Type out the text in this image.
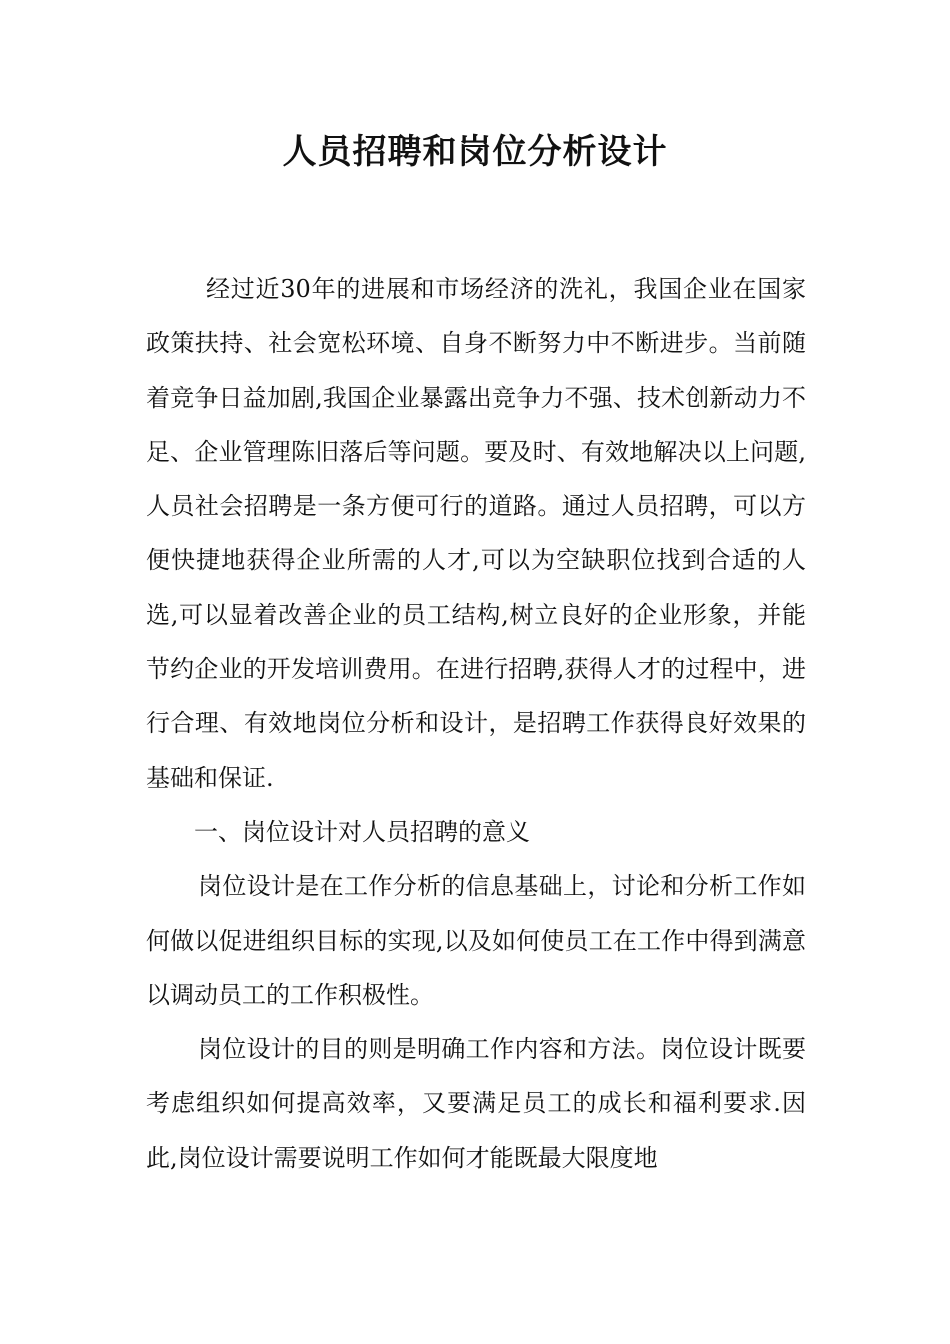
人员招聘和岗位分析设计

经过近30年的进展和市场经济的洗礼，我国企业在国家政策扶持、社会宽松环境、自身不断努力中不断进步。当前随着竞争日益加剧,我国企业暴露出竞争力不强、技术创新动力不足、企业管理陈旧落后等问题。要及时、有效地解决以上问题,人员社会招聘是一条方便可行的道路。通过人员招聘，可以方便快捷地获得企业所需的人才,可以为空缺职位找到合适的人选,可以显着改善企业的员工结构,树立良好的企业形象，并能节约企业的开发培训费用。在进行招聘,获得人才的过程中，进行合理、有效地岗位分析和设计，是招聘工作获得良好效果的基础和保证.

一、岗位设计对人员招聘的意义

岗位设计是在工作分析的信息基础上，讨论和分析工作如何做以促进组织目标的实现,以及如何使员工在工作中得到满意以调动员工的工作积极性。

岗位设计的目的则是明确工作内容和方法。岗位设计既要考虑组织如何提高效率，又要满足员工的成长和福利要求.因此,岗位设计需要说明工作如何才能既最大限度地
